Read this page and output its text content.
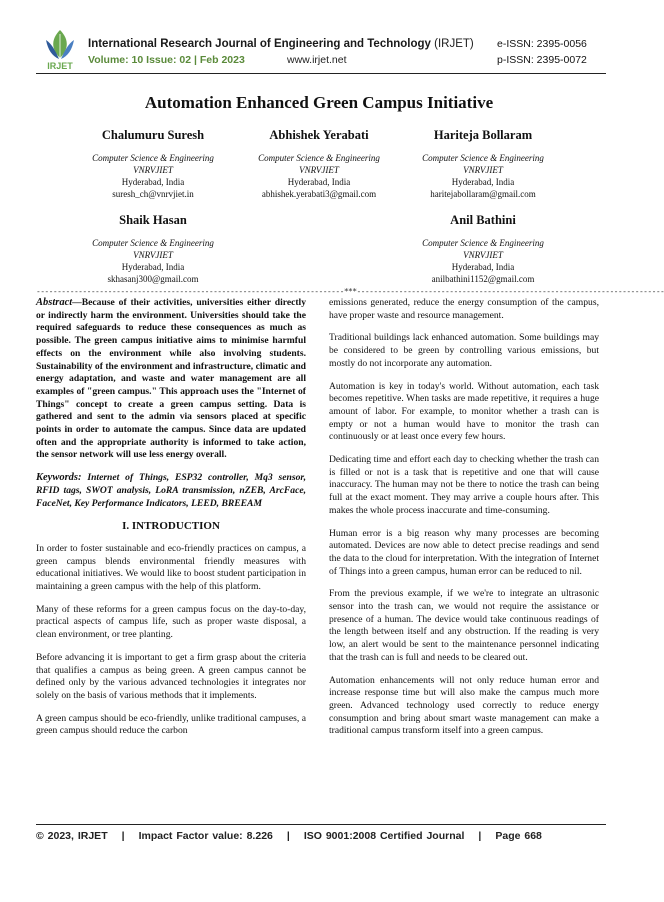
IRJET
International Research Journal of Engineering and Technology (IRJET)
Volume: 10 Issue: 02 | Feb 2023	www.irjet.net
e-ISSN: 2395-0056
p-ISSN: 2395-0072
Automation Enhanced Green Campus Initiative
Chalumuru Suresh
Computer Science & Engineering
VNRVJIET
Hyderabad, India
suresh_ch@vnrvjiet.in
Abhishek Yerabati
Computer Science & Engineering
VNRVJIET
Hyderabad, India
abhishek.yerabati3@gmail.com
Hariteja Bollaram
Computer Science & Engineering
VNRVJIET
Hyderabad, India
haritejabollaram@gmail.com
Shaik Hasan
Computer Science & Engineering
VNRVJIET
Hyderabad, India
skhasanj300@gmail.com
Anil Bathini
Computer Science & Engineering
VNRVJIET
Hyderabad, India
anilbathini1152@gmail.com
-------------------------------------------------------------------------***-------------------------------------------------------------------------

Abstract—Because of their activities, universities either directly or indirectly harm the environment. Universities should take the required safeguards to reduce these consequences as much as possible. The green campus initiative aims to minimise harmful effects on the environment while also involving students. Sustainability of the environment and infrastructure, climatic and energy adaptation, and waste and water management are all examples of "green campus." This approach uses the "Internet of Things" concept to create a green campus setting. Data is gathered and sent to the admin via sensors placed at specific points in order to automate the campus. Since data are updated often and the appropriate authority is informed to take action, the sensor network will use less energy overall.

Keywords: Internet of Things, ESP32 controller, Mq3 sensor, RFID tags, SWOT analysis, LoRA transmission, nZEB, ArcFace, FaceNet, Key Performance Indicators, LEED, BREEAM

I. INTRODUCTION

In order to foster sustainable and eco-friendly practices on campus, a green campus blends environmental friendly measures with educational initiatives. We would like to boost student participation in maintaining a green campus with the help of this platform.

Many of these reforms for a green campus focus on the day-to-day, practical aspects of campus life, such as proper waste disposal, a clean environment, or tree planting.

Before advancing it is important to get a firm grasp about the criteria that qualifies a campus as being green. A green campus cannot be defined only by the various advanced technologies it integrates nor solely on the basis of various methods that it implements.

A green campus should be eco-friendly, unlike traditional campuses, a green campus should reduce the carbon

emissions generated, reduce the energy consumption of the campus, have proper waste and resource management.

Traditional buildings lack enhanced automation. Some buildings may be considered to be green by controlling various emissions, but mostly do not incorporate any automation.

Automation is key in today's world. Without automation, each task becomes repetitive. When tasks are made repetitive, it requires a huge amount of labor. For example, to monitor whether a trash can is empty or not a human would have to monitor the trash can continuously or at least once every few hours.

Dedicating time and effort each day to checking whether the trash can is filled or not is a task that is repetitive and one that will cause inaccuracy. The human may not be there to notice the trash can being full at the exact moment. They may arrive a couple hours after. This makes the whole process inaccurate and time-consuming.

Human error is a big reason why many processes are becoming automated. Devices are now able to detect precise readings and send the data to the cloud for interpretation. With the integration of Internet of Things into a green campus, human error can be reduced to nil.

From the previous example, if we we're to integrate an ultrasonic sensor into the trash can, we would not require the assistance or presence of a human. The device would take continuous readings of the length between itself and any obstruction. If the reading is very low, an alert would be sent to the maintenance personnel indicating that the trash can is full and needs to be cleared out.

Automation enhancements will not only reduce human error and increase response time but will also make the campus much more green. Advanced technology used correctly to reduce energy consumption and bring about smart waste management can make a traditional campus transform itself into a green campus.

© 2023, IRJET | Impact Factor value: 8.226 | ISO 9001:2008 Certified Journal | Page 668
